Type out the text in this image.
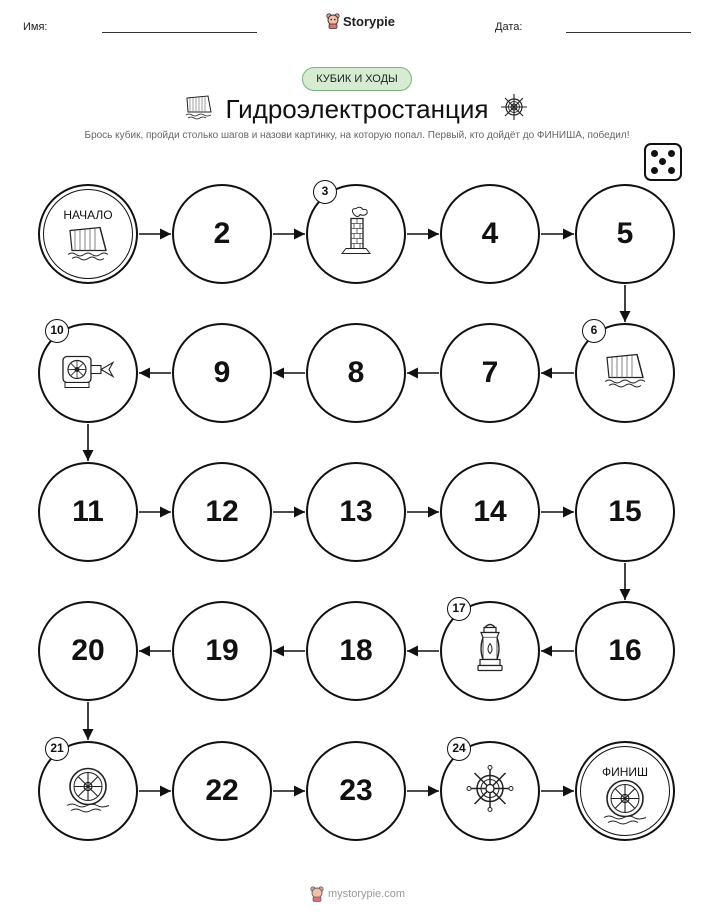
Имя:	Storypie	Дата:
КУБИК И ХОДЫ
Гидроэлектростанция
Брось кубик, пройди столько шагов и назови картинку, на которую попал. Первый, кто дойдёт до ФИНИША, победил!
НАЧАЛО
2
3
4	5
6
7
8
9
10
11	12	13	14	15
16
17
18
19
20
21
22	23
24
ФИНИШ
mystorypie.com
